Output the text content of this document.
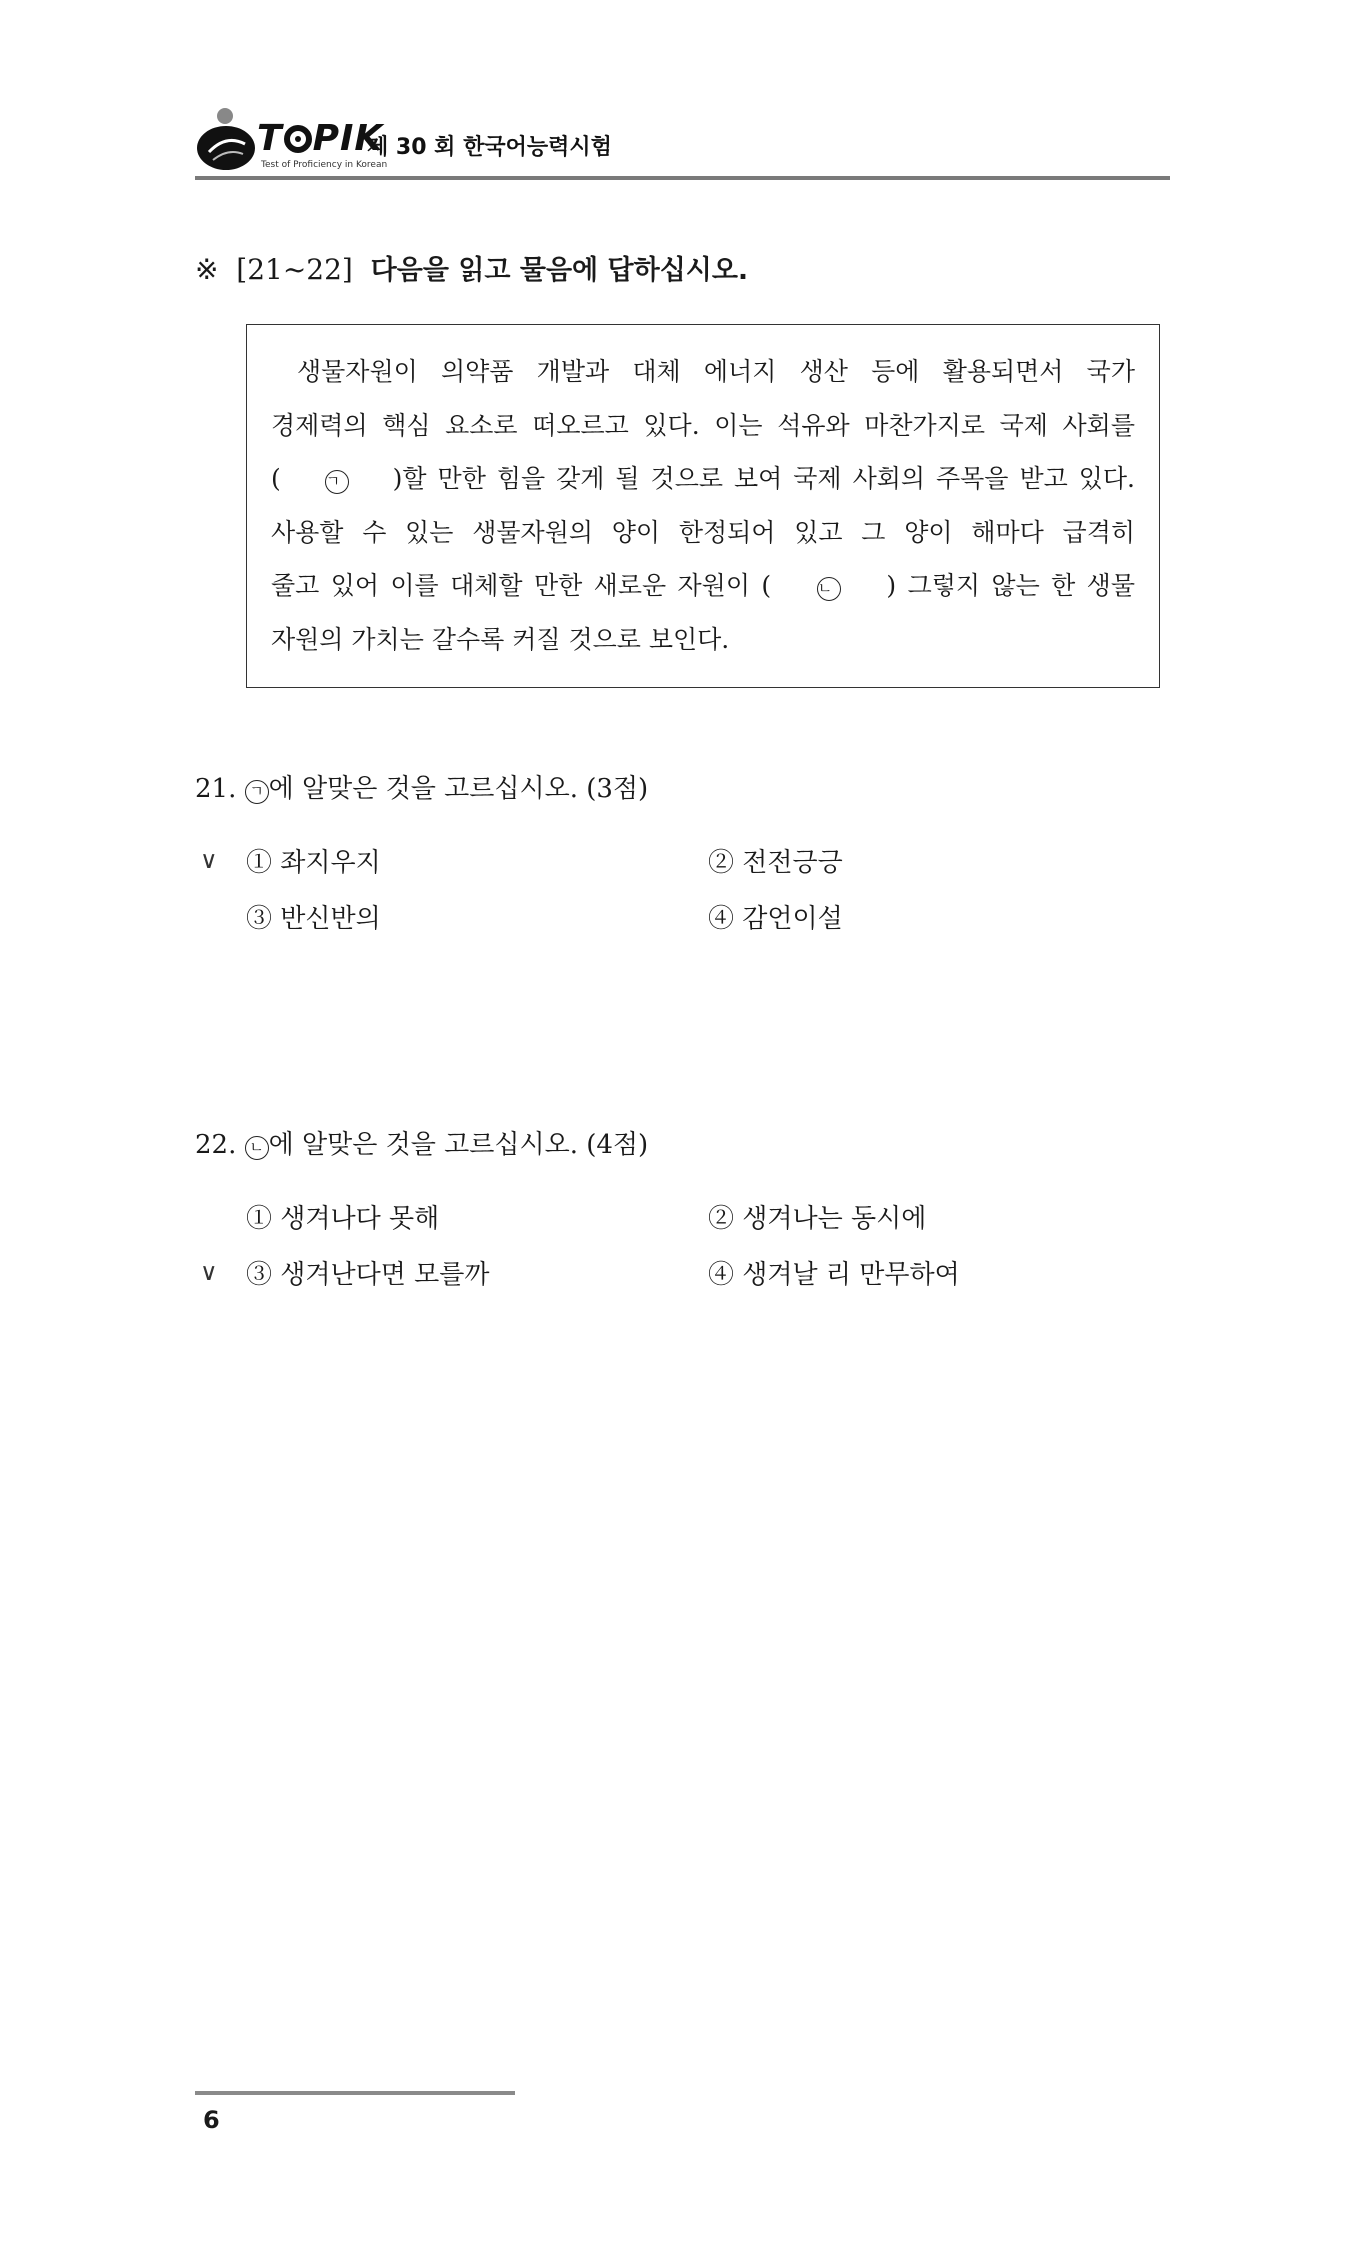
T PIK
Test of Proficiency in Korean
제 30 회 한국어능력시험
※ [21~22] 다음을 읽고 물음에 답하십시오.
생물자원이 의약품 개발과 대체 에너지 생산 등에 활용되면서 국가
경제력의 핵심 요소로 떠오르고 있다. 이는 석유와 마찬가지로 국제 사회를
(	ㄱ )할 만한 힘을 갖게 될 것으로 보여 국제 사회의 주목을 받고 있다.
사용할 수 있는 생물자원의 양이 한정되어 있고 그 양이 해마다 급격히
줄고 있어 이를 대체할 만한 새로운 자원이 (	ㄴ ) 그렇지 않는 한 생물
자원의 가치는 갈수록 커질 것으로 보인다.
21. ㄱ 에 알맞은 것을 고르십시오. (3점)
∨ ① 좌지우지	② 전전긍긍
③ 반신반의	④ 감언이설
22. ㄴ 에 알맞은 것을 고르십시오. (4점)
① 생겨나다 못해	② 생겨나는 동시에
∨ ③ 생겨난다면 모를까	④ 생겨날 리 만무하여
6
